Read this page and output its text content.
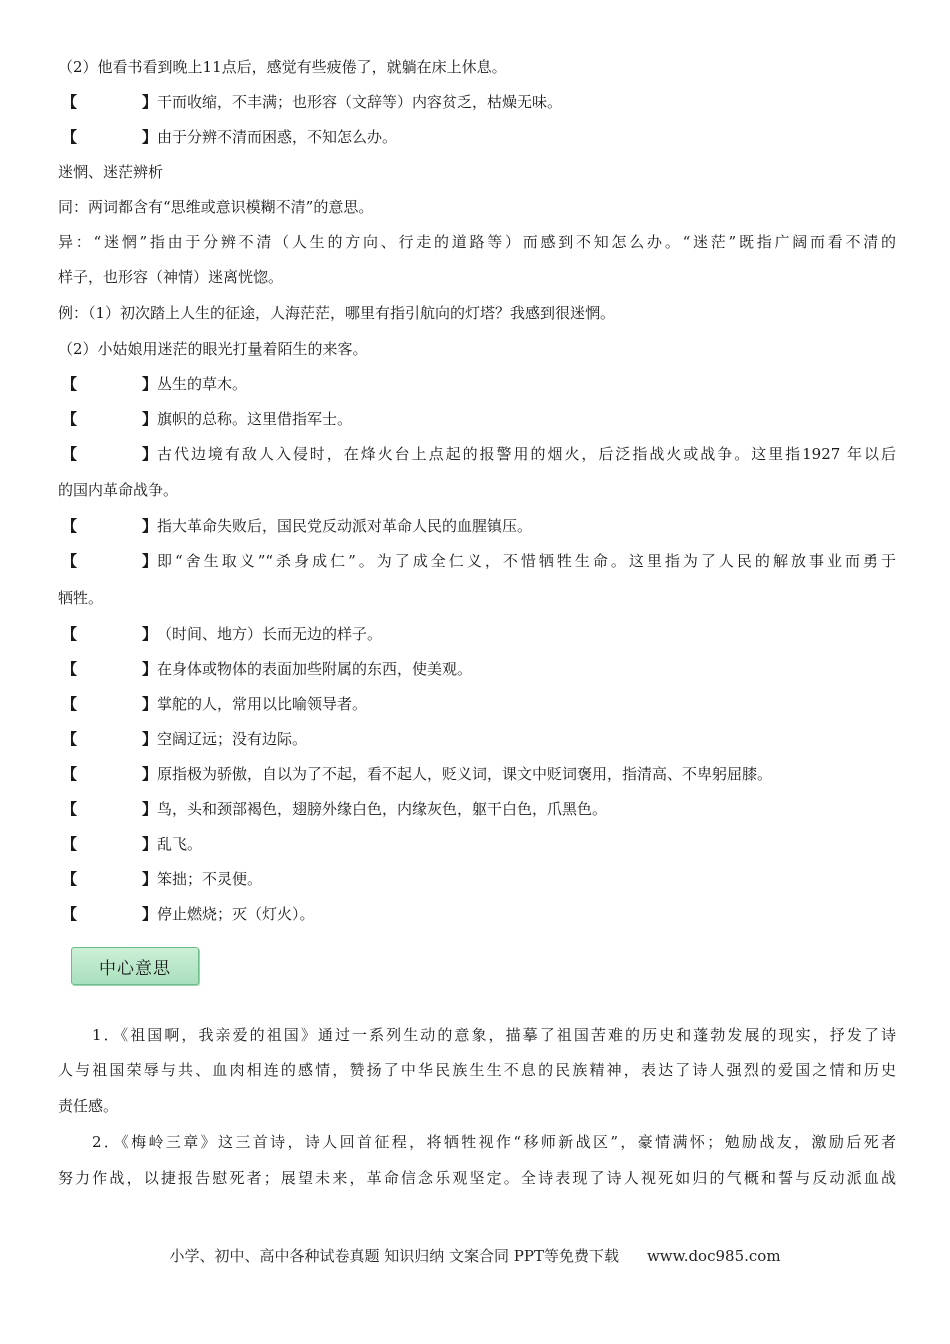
（2）他看书看到晚上11点后，感觉有些疲倦了，就躺在床上休息。
【	】 干而收缩，不丰满；也形容（文辞等）内容贫乏，枯燥无味。
【	】 由于分辨不清而困惑，不知怎么办。
迷惘、迷茫辨析
同：两词都含有“思维或意识模糊不清”的意思。
异：“迷惘”指由于分辨不清（人生的方向、行走的道路等）而感到不知怎么办。“迷茫”既指广阔而看不清的
样子，也形容（神情）迷离恍惚。
例：（1）初次踏上人生的征途，人海茫茫，哪里有指引航向的灯塔？我感到很迷惘。
（2）小姑娘用迷茫的眼光打量着陌生的来客。
【	】 丛生的草木。
【	】 旗帜的总称。这里借指军士。
【	】 古代边境有敌人入侵时，在烽火台上点起的报警用的烟火，后泛指战火或战争。这里指1927 年以后
的国内革命战争。
【	】 指大革命失败后，国民党反动派对革命人民的血腥镇压。
【	】 即“舍生取义”“杀身成仁”。为了成全仁义，不惜牺牲生命。这里指为了人民的解放事业而勇于
牺牲。
【	】 （时间、地方）长而无边的样子。
【	】 在身体或物体的表面加些附属的东西，使美观。
【	】 掌舵的人，常用以比喻领导者。
【	】 空阔辽远；没有边际。
【	】 原指极为骄傲，自以为了不起，看不起人，贬义词，课文中贬词褒用，指清高、不卑躬屈膝。
【	】 鸟，头和颈部褐色，翅膀外缘白色，内缘灰色，躯干白色，爪黑色。
【	】 乱飞。
【	】 笨拙；不灵便。
【	】 停止燃烧；灭（灯火）。
1．《祖国啊，我亲爱的祖国》通过一系列生动的意象，描摹了祖国苦难的历史和蓬勃发展的现实，抒发了诗
人与祖国荣辱与共、血肉相连的感情，赞扬了中华民族生生不息的民族精神，表达了诗人强烈的爱国之情和历史
责任感。
2．《梅岭三章》这三首诗，诗人回首征程，将牺牲视作“移师新战区”，豪情满怀；勉励战友，激励后死者
努力作战，以捷报告慰死者；展望未来，革命信念乐观坚定。全诗表现了诗人视死如归的气概和誓与反动派血战
中心意思
小学、初中、高中各种试卷真题 知识归纳 文案合同 PPT等免费下载 www.doc985.com
